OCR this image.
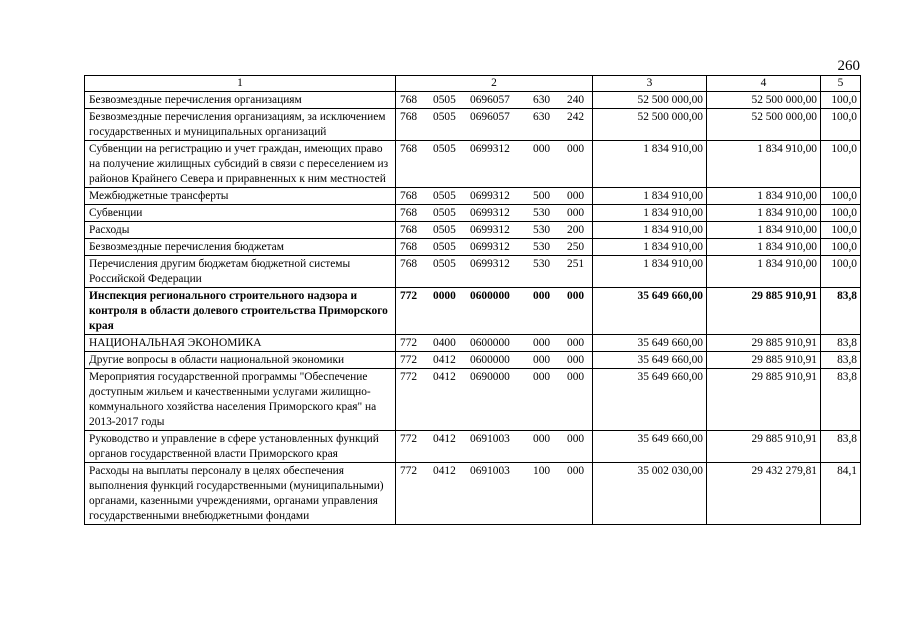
260
1	2	3	4	5
Безвозмездные перечисления организациям	768 0505 0696057 630 240	52 500 000,00	52 500 000,00	100,0
Безвозмездные перечисления организациям, за исключением государственных и муниципальных организаций	768 0505 0696057 630 242	52 500 000,00	52 500 000,00	100,0
Субвенции на регистрацию и учет граждан, имеющих право на получение жилищных субсидий в связи с переселением из районов Крайнего Севера и приравненных к ним местностей	768 0505 0699312 000 000	1 834 910,00	1 834 910,00	100,0
Межбюджетные трансферты	768 0505 0699312 500 000	1 834 910,00	1 834 910,00	100,0
Субвенции	768 0505 0699312 530 000	1 834 910,00	1 834 910,00	100,0
Расходы	768 0505 0699312 530 200	1 834 910,00	1 834 910,00	100,0
Безвозмездные перечисления бюджетам	768 0505 0699312 530 250	1 834 910,00	1 834 910,00	100,0
Перечисления другим бюджетам бюджетной системы Российской Федерации	768 0505 0699312 530 251	1 834 910,00	1 834 910,00	100,0
Инспекция регионального строительного надзора и контроля в области долевого строительства Приморского края	772 0000 0600000 000 000	35 649 660,00	29 885 910,91	83,8
НАЦИОНАЛЬНАЯ ЭКОНОМИКА	772 0400 0600000 000 000	35 649 660,00	29 885 910,91	83,8
Другие вопросы в области национальной экономики	772 0412 0600000 000 000	35 649 660,00	29 885 910,91	83,8
Мероприятия государственной программы "Обеспечение доступным жильем и качественными услугами жилищно-коммунального хозяйства населения Приморского края" на 2013-2017 годы	772 0412 0690000 000 000	35 649 660,00	29 885 910,91	83,8
Руководство и управление в сфере установленных функций органов государственной власти Приморского края	772 0412 0691003 000 000	35 649 660,00	29 885 910,91	83,8
Расходы на выплаты персоналу в целях обеспечения выполнения функций государственными (муниципальными) органами, казенными учреждениями, органами управления государственными внебюджетными фондами	772 0412 0691003 100 000	35 002 030,00	29 432 279,81	84,1
